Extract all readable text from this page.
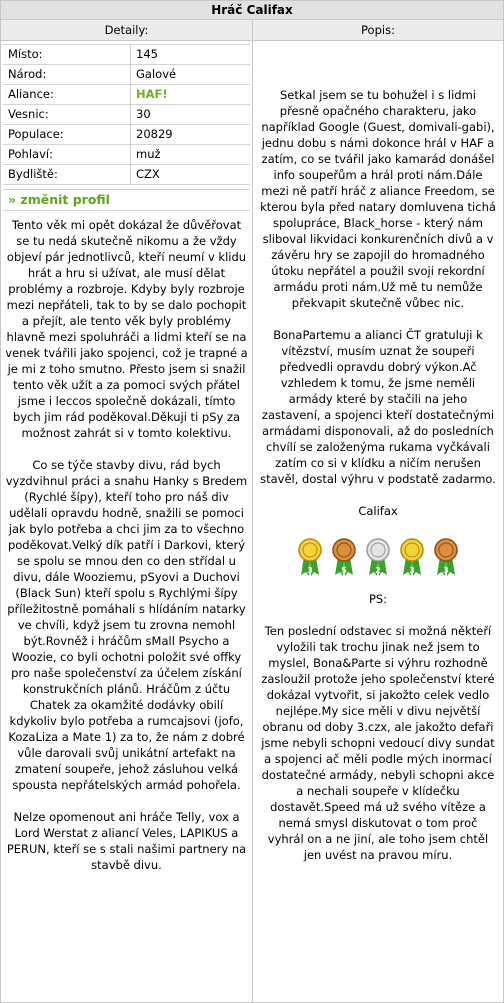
Hráč Califax
Detaily:
Místo:	145
Národ:	Galové
Aliance:	HAF!
Vesnic:	30
Populace:	20829
Pohlaví:	muž
Bydliště:	CZX
» změnit profil

Tento věk mi opět dokázal že důvěřovat se tu nedá skutečně nikomu a že vždy objeví pár jednotlivců, kteří neumí v klidu hrát a hru si užívat, ale musí dělat problémy a rozbroje. Kdyby byly rozbroje mezi nepřáteli, tak to by se dalo pochopit a přejít, ale tento věk byly problémy hlavně mezi spoluhráči a lidmi kteří se na venek tvářili jako spojenci, což je trapné a je mi z toho smutno. Přesto jsem si snažil tento věk užít a za pomoci svých přátel jsme i leccos společně dokázali, tímto bych jim rád poděkoval.Děkuji ti pSy za možnost zahrát si v tomto kolektivu.

Co se týče stavby divu, rád bych vyzdvihnul práci a snahu Hanky s Bredem (Rychlé šípy), kteří toho pro náš div udělali opravdu hodně, snažili se pomoci jak bylo potřeba a chci jim za to všechno poděkovat.Velký dík patří i Darkovi, který se spolu se mnou den co den střídal u divu, dále Wooziemu, pSyovi a Duchovi (Black Sun) kteří spolu s Rychlými šípy příležitostně pomáhali s hlídáním natarky ve chvíli, když jsem tu zrovna nemohl být.Rovněž i hráčům sMall Psycho a Woozie, co byli ochotni položit své offky pro naše společenství za účelem získání konstrukčních plánů. Hráčům z účtu Chatek za okamžité dodávky obilí kdykoliv bylo potřeba a rumcajsovi (jofo, KozaLiza a Mate 1) za to, že nám z dobré vůle darovali svůj unikátní artefakt na zmatení soupeře, jehož zásluhou velká spousta nepřátelských armád pohořela.

Nelze opomenout ani hráče Telly, vox a Lord Werstat z aliancí Veles, LAPIKUS a PERUN, kteří se s stali našimi partnery na stavbě divu.

Popis:

Setkal jsem se tu bohužel i s lidmi přesně opačného charakteru, jako například Google (Guest, domivali-gabi), jednu dobu s námi dokonce hrál v HAF a zatím, co se tvářil jako kamarád donášel info soupeřům a hrál proti nám.Dále mezi ně patří hráč z aliance Freedom, se kterou byla před natary domluvena tichá spolupráce, Black_horse - který nám sliboval likvidaci konkurenčních divů a v závěru hry se zapojil do hromadného útoku nepřátel a použil svoji rekordní armádu proti nám.Už mě tu nemůže překvapit skutečně vůbec nic.

BonaPartemu a alianci ČT gratuluji k vítězství, musím uznat že soupeři předvedli opravdu dobrý výkon.Ač vzhledem k tomu, že jsme neměli armády které by stačili na jeho zastavení, a spojenci kteří dostatečnými armádami disponovali, až do posledních chvílí se založenýma rukama vyčkávali zatím co si v klídku a ničím nerušen stavěl, dostal výhru v podstatě zadarmo.

Califax

3	5	2	3	3

PS:

Ten poslední odstavec si možná někteří vyložili tak trochu jinak než jsem to myslel, Bona&Parte si výhru rozhodně zasloužil protože jeho společenství které dokázal vytvořit, si jakožto celek vedlo nejlépe.My sice měli v divu největší obranu od doby 3.czx, ale jakožto defaři jsme nebyli schopni vedoucí divy sundat a spojenci ač měli podle mých inormací dostatečné armády, nebyli schopni akce a nechali soupeře v klídečku dostavět.Speed má už svého vítěze a nemá smysl diskutovat o tom proč vyhrál on a ne jiní, ale toho jsem chtěl jen uvést na pravou míru.
